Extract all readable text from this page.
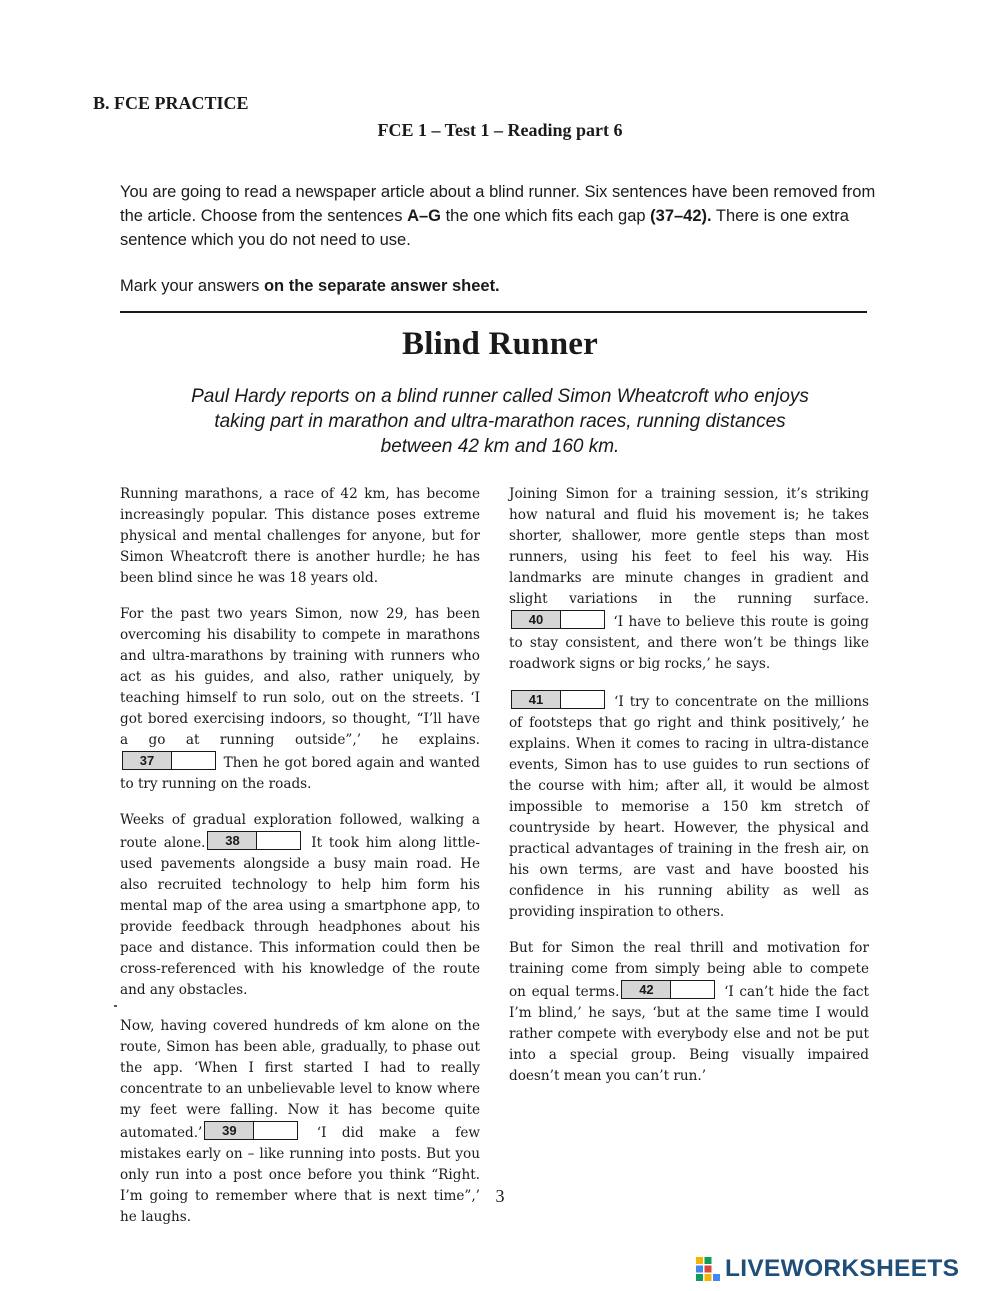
B. FCE PRACTICE
FCE 1 – Test 1 – Reading part 6

You are going to read a newspaper article about a blind runner. Six sentences have been removed from the article. Choose from the sentences A–G the one which fits each gap (37–42). There is one extra sentence which you do not need to use.

Mark your answers on the separate answer sheet.

Blind Runner
Paul Hardy reports on a blind runner called Simon Wheatcroft who enjoys
taking part in marathon and ultra-marathon races, running distances
between 42 km and 160 km.

Running marathons, a race of 42 km, has become increasingly popular. This distance poses extreme physical and mental challenges for anyone, but for Simon Wheatcroft there is another hurdle; he has been blind since he was 18 years old.

For the past two years Simon, now 29, has been overcoming his disability to compete in marathons and ultra-marathons by training with runners who act as his guides, and also, rather uniquely, by teaching himself to run solo, out on the streets. ‘I got bored exercising indoors, so thought, “I’ll have a go at running outside”,’ he explains.
37	Then he got bored again and wanted to try running on the roads.

Weeks of gradual exploration followed, walking a route alone.	38	It took him along little-used pavements alongside a busy main road. He also recruited technology to help him form his mental map of the area using a smartphone app, to provide feedback through headphones about his pace and distance. This information could then be cross-referenced with his knowledge of the route and any obstacles.

Now, having covered hundreds of km alone on the route, Simon has been able, gradually, to phase out the app. ‘When I first started I had to really concentrate to an unbelievable level to know where my feet were falling. Now it has become quite automated.’	39	‘I did make a few mistakes early on – like running into posts. But you only run into a post once before you think “Right. I’m going to remember where that is next time”,’ he laughs.

Joining Simon for a training session, it’s striking how natural and fluid his movement is; he takes shorter, shallower, more gentle steps than most runners, using his feet to feel his way. His landmarks are minute changes in gradient and slight variations in the running surface.
40	‘I have to believe this route is going to stay consistent, and there won’t be things like roadwork signs or big rocks,’ he says.

41	‘I try to concentrate on the millions of footsteps that go right and think positively,’ he explains. When it comes to racing in ultra-distance events, Simon has to use guides to run sections of the course with him; after all, it would be almost impossible to memorise a 150 km stretch of countryside by heart. However, the physical and practical advantages of training in the fresh air, on his own terms, are vast and have boosted his confidence in his running ability as well as providing inspiration to others.

But for Simon the real thrill and motivation for training come from simply being able to compete on equal terms.	42	‘I can’t hide the fact I’m blind,’ he says, ‘but at the same time I would rather compete with everybody else and not be put into a special group. Being visually impaired doesn’t mean you can’t run.’

3
LIVEWORKSHEETS
